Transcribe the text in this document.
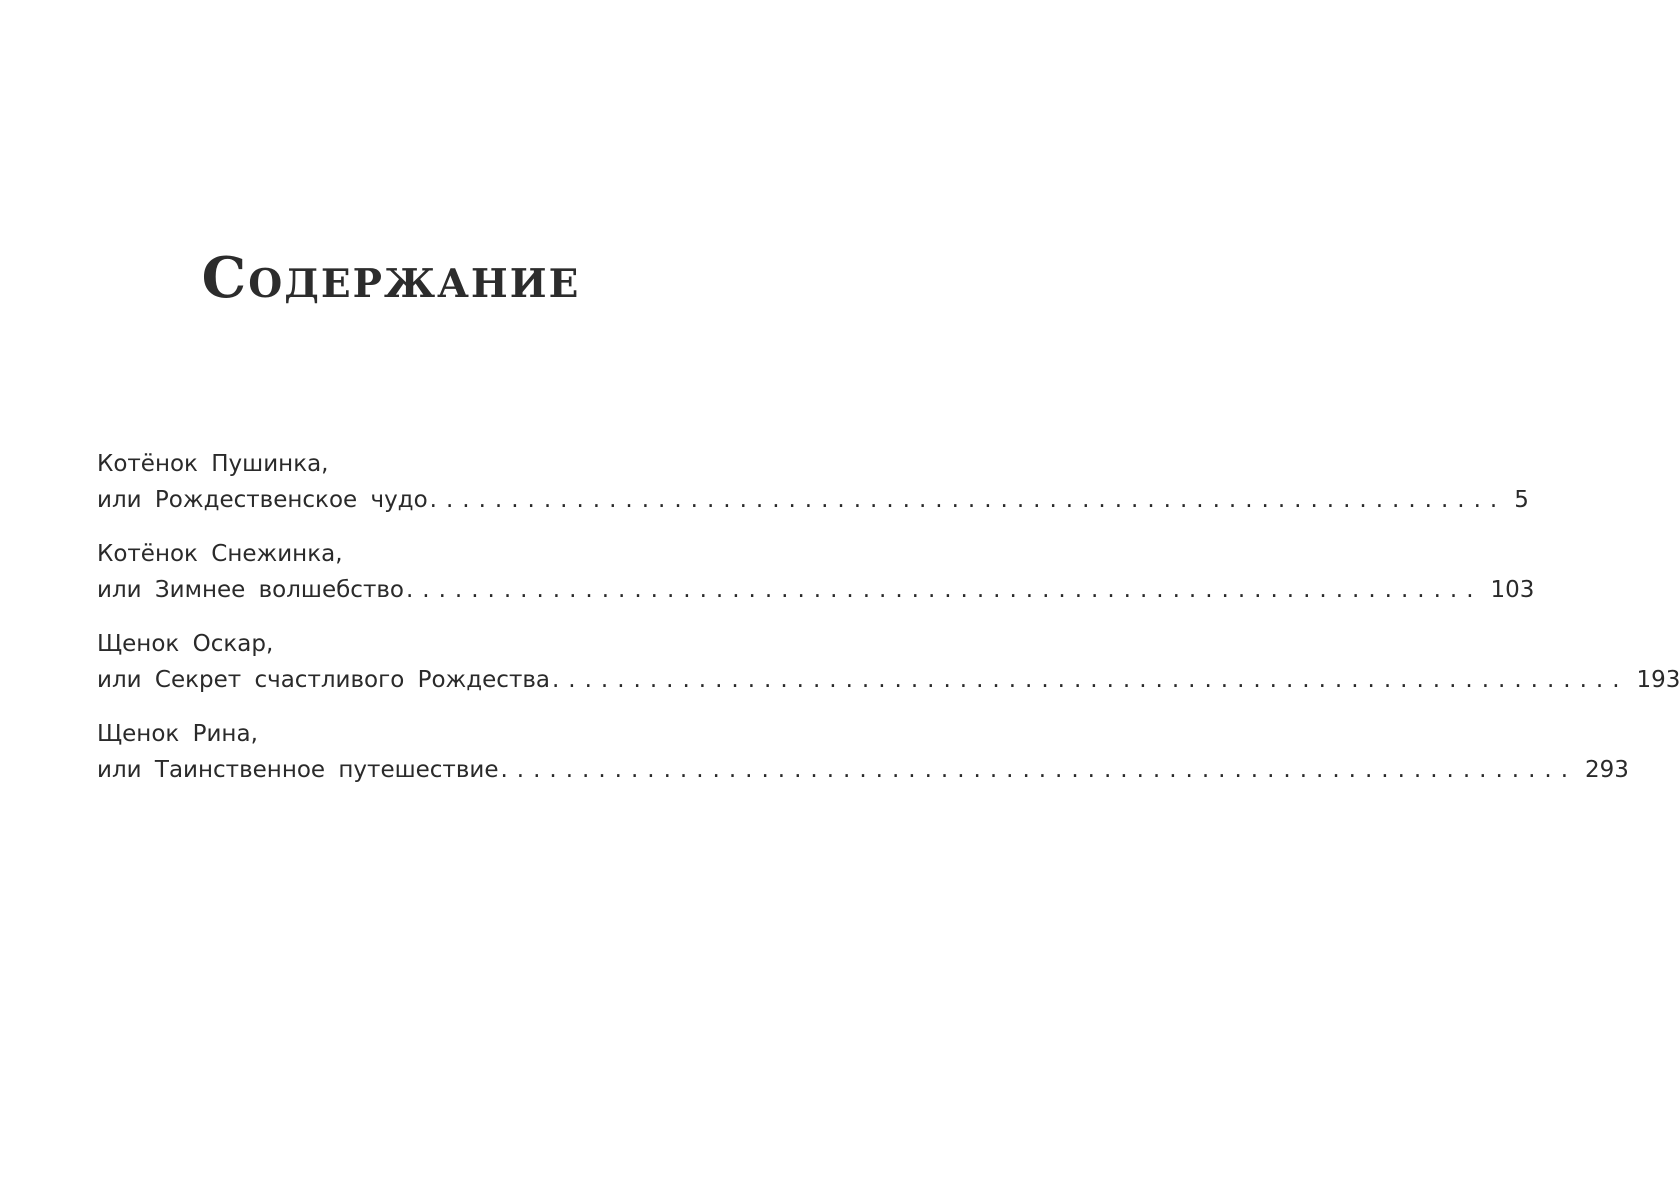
Содержание
Котёнок Пушинка,
или Рождественское чудо .................................................................. 5
Котёнок Снежинка,
или Зимнее волшебство .................................................................. 103
Щенок Оскар,
или Секрет счастливого Рождества .................................................................. 193
Щенок Рина,
или Таинственное путешествие .................................................................. 293
